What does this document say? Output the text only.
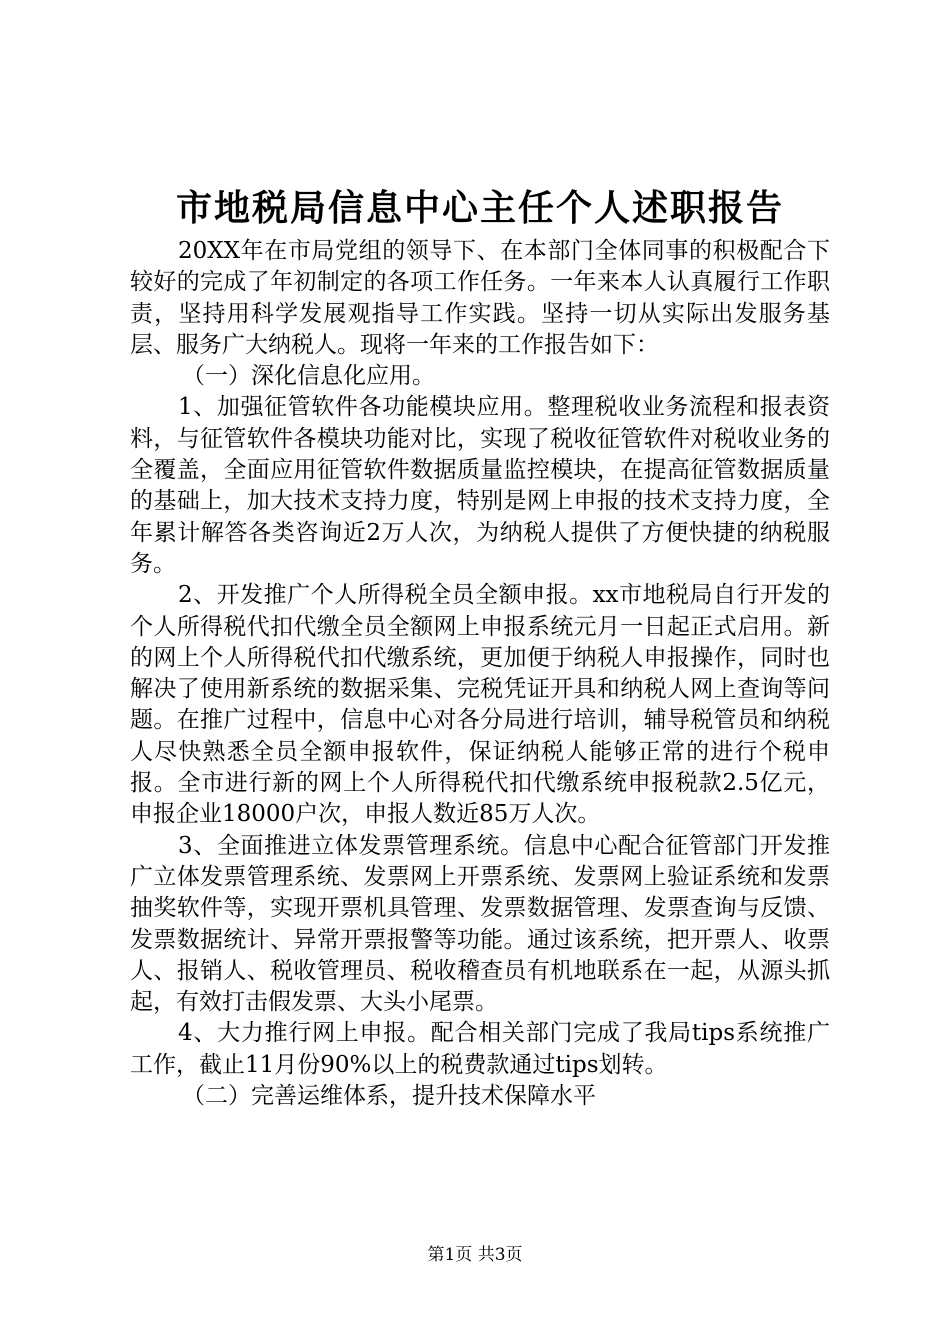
市地税局信息中心主任个人述职报告

20XX年在市局党组的领导下、在本部门全体同事的积极配合下较好的完成了年初制定的各项工作任务。一年来本人认真履行工作职责，坚持用科学发展观指导工作实践。坚持一切从实际出发服务基层、服务广大纳税人。现将一年来的工作报告如下：

（一）深化信息化应用。

1、加强征管软件各功能模块应用。整理税收业务流程和报表资料，与征管软件各模块功能对比，实现了税收征管软件对税收业务的全覆盖，全面应用征管软件数据质量监控模块，在提高征管数据质量的基础上，加大技术支持力度，特别是网上申报的技术支持力度，全年累计解答各类咨询近2万人次，为纳税人提供了方便快捷的纳税服务。

2、开发推广个人所得税全员全额申报。xx市地税局自行开发的个人所得税代扣代缴全员全额网上申报系统元月一日起正式启用。新的网上个人所得税代扣代缴系统，更加便于纳税人申报操作，同时也解决了使用新系统的数据采集、完税凭证开具和纳税人网上查询等问题。在推广过程中，信息中心对各分局进行培训，辅导税管员和纳税人尽快熟悉全员全额申报软件，保证纳税人能够正常的进行个税申报。全市进行新的网上个人所得税代扣代缴系统申报税款2.5亿元，申报企业18000户次，申报人数近85万人次。

3、全面推进立体发票管理系统。信息中心配合征管部门开发推广立体发票管理系统、发票网上开票系统、发票网上验证系统和发票抽奖软件等，实现开票机具管理、发票数据管理、发票查询与反馈、发票数据统计、异常开票报警等功能。通过该系统，把开票人、收票人、报销人、税收管理员、税收稽查员有机地联系在一起，从源头抓起，有效打击假发票、大头小尾票。

4、大力推行网上申报。配合相关部门完成了我局tips系统推广工作，截止11月份90%以上的税费款通过tips划转。

（二）完善运维体系，提升技术保障水平

第1页 共3页
